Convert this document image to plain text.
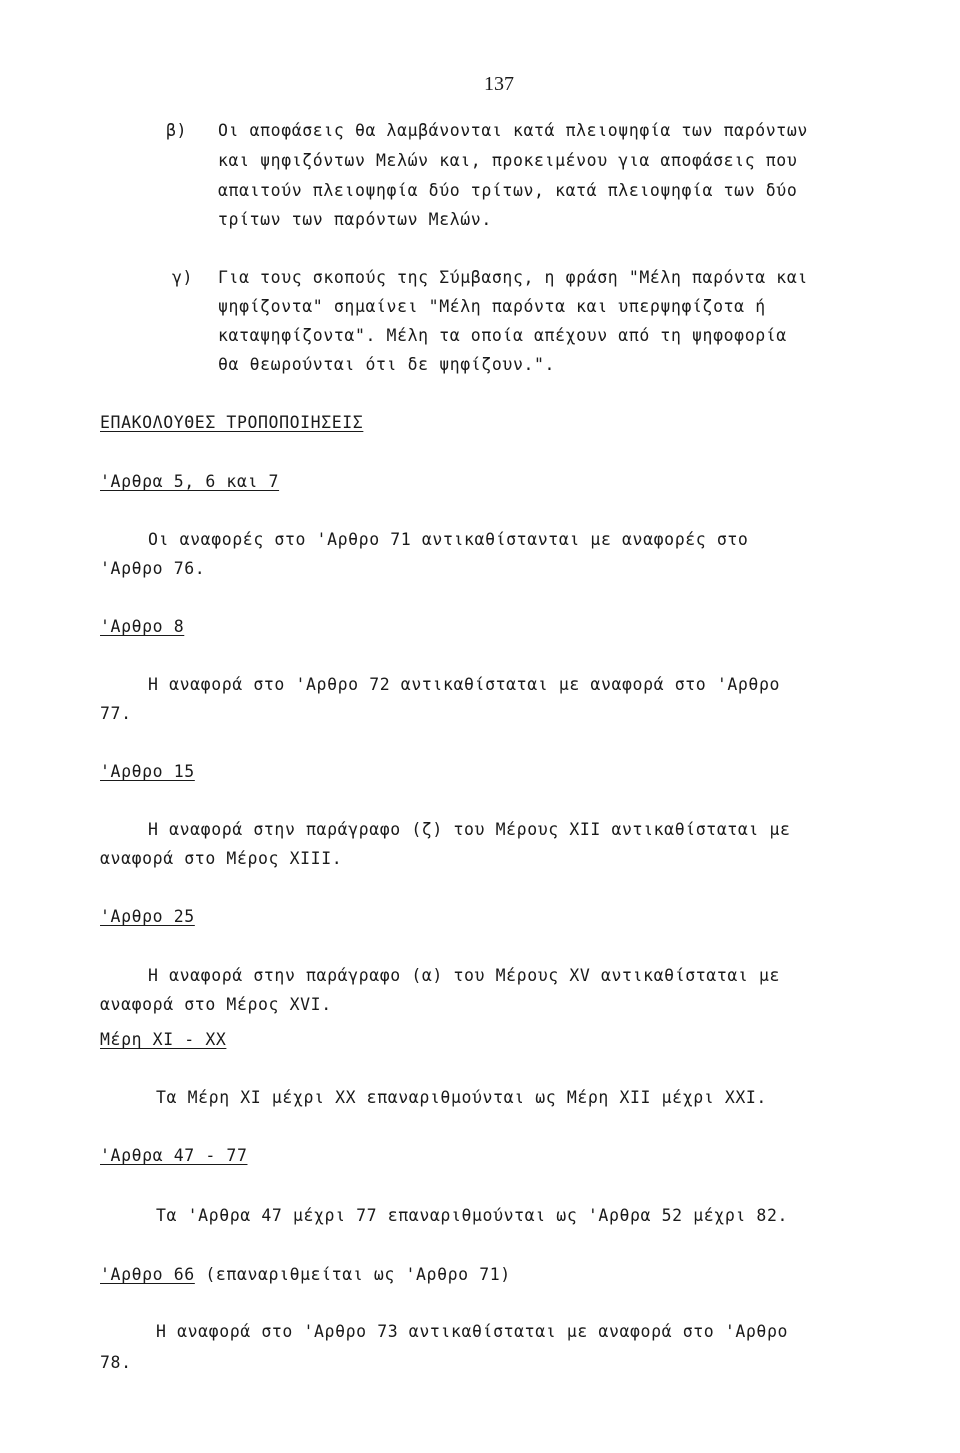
137
β) Οι αποφάσεις θα λαμβάνονται κατά πλειοψηφία των παρόντων
και ψηφιζόντων Μελών και, προκειμένου για αποφάσεις που
απαιτούν πλειοψηφία δύο τρίτων, κατά πλειοψηφία των δύο
τρίτων των παρόντων Μελών.
γ) Για τους σκοπούς της Σύμβασης, η φράση "Μέλη παρόντα και
ψηφίζοντα" σημαίνει "Μέλη παρόντα και υπερψηφίζοτα ή
καταψηφίζοντα". Μέλη τα οποία απέχουν από τη ψηφοφορία
θα θεωρούνται ότι δε ψηφίζουν.".
ΕΠΑΚΟΛΟΥΘΕΣ ΤΡΟΠΟΠΟΙΗΣΕΙΣ
'Αρθρα 5, 6 και 7
Οι αναφορές στο 'Αρθρο 71 αντικαθίστανται με αναφορές στο
'Αρθρο 76.
'Αρθρο 8
Η αναφορά στο 'Αρθρο 72 αντικαθίσταται με αναφορά στο 'Αρθρο
77.
'Αρθρο 15
Η αναφορά στην παράγραφο (ζ) του Μέρους XII αντικαθίσταται με
αναφορά στο Μέρος XIII.
'Αρθρο 25
Η αναφορά στην παράγραφο (α) του Μέρους XV αντικαθίσταται με
αναφορά στο Μέρος XVI.
Μέρη XI - XX
Τα Μέρη XI μέχρι XX επαναριθμούνται ως Μέρη XII μέχρι XXI.
'Αρθρα 47 - 77
Τα 'Αρθρα 47 μέχρι 77 επαναριθμούνται ως 'Αρθρα 52 μέχρι 82.
'Αρθρο 66 (επαναριθμείται ως 'Αρθρο 71)
Η αναφορά στο 'Αρθρο 73 αντικαθίσταται με αναφορά στο 'Αρθρο
78.
